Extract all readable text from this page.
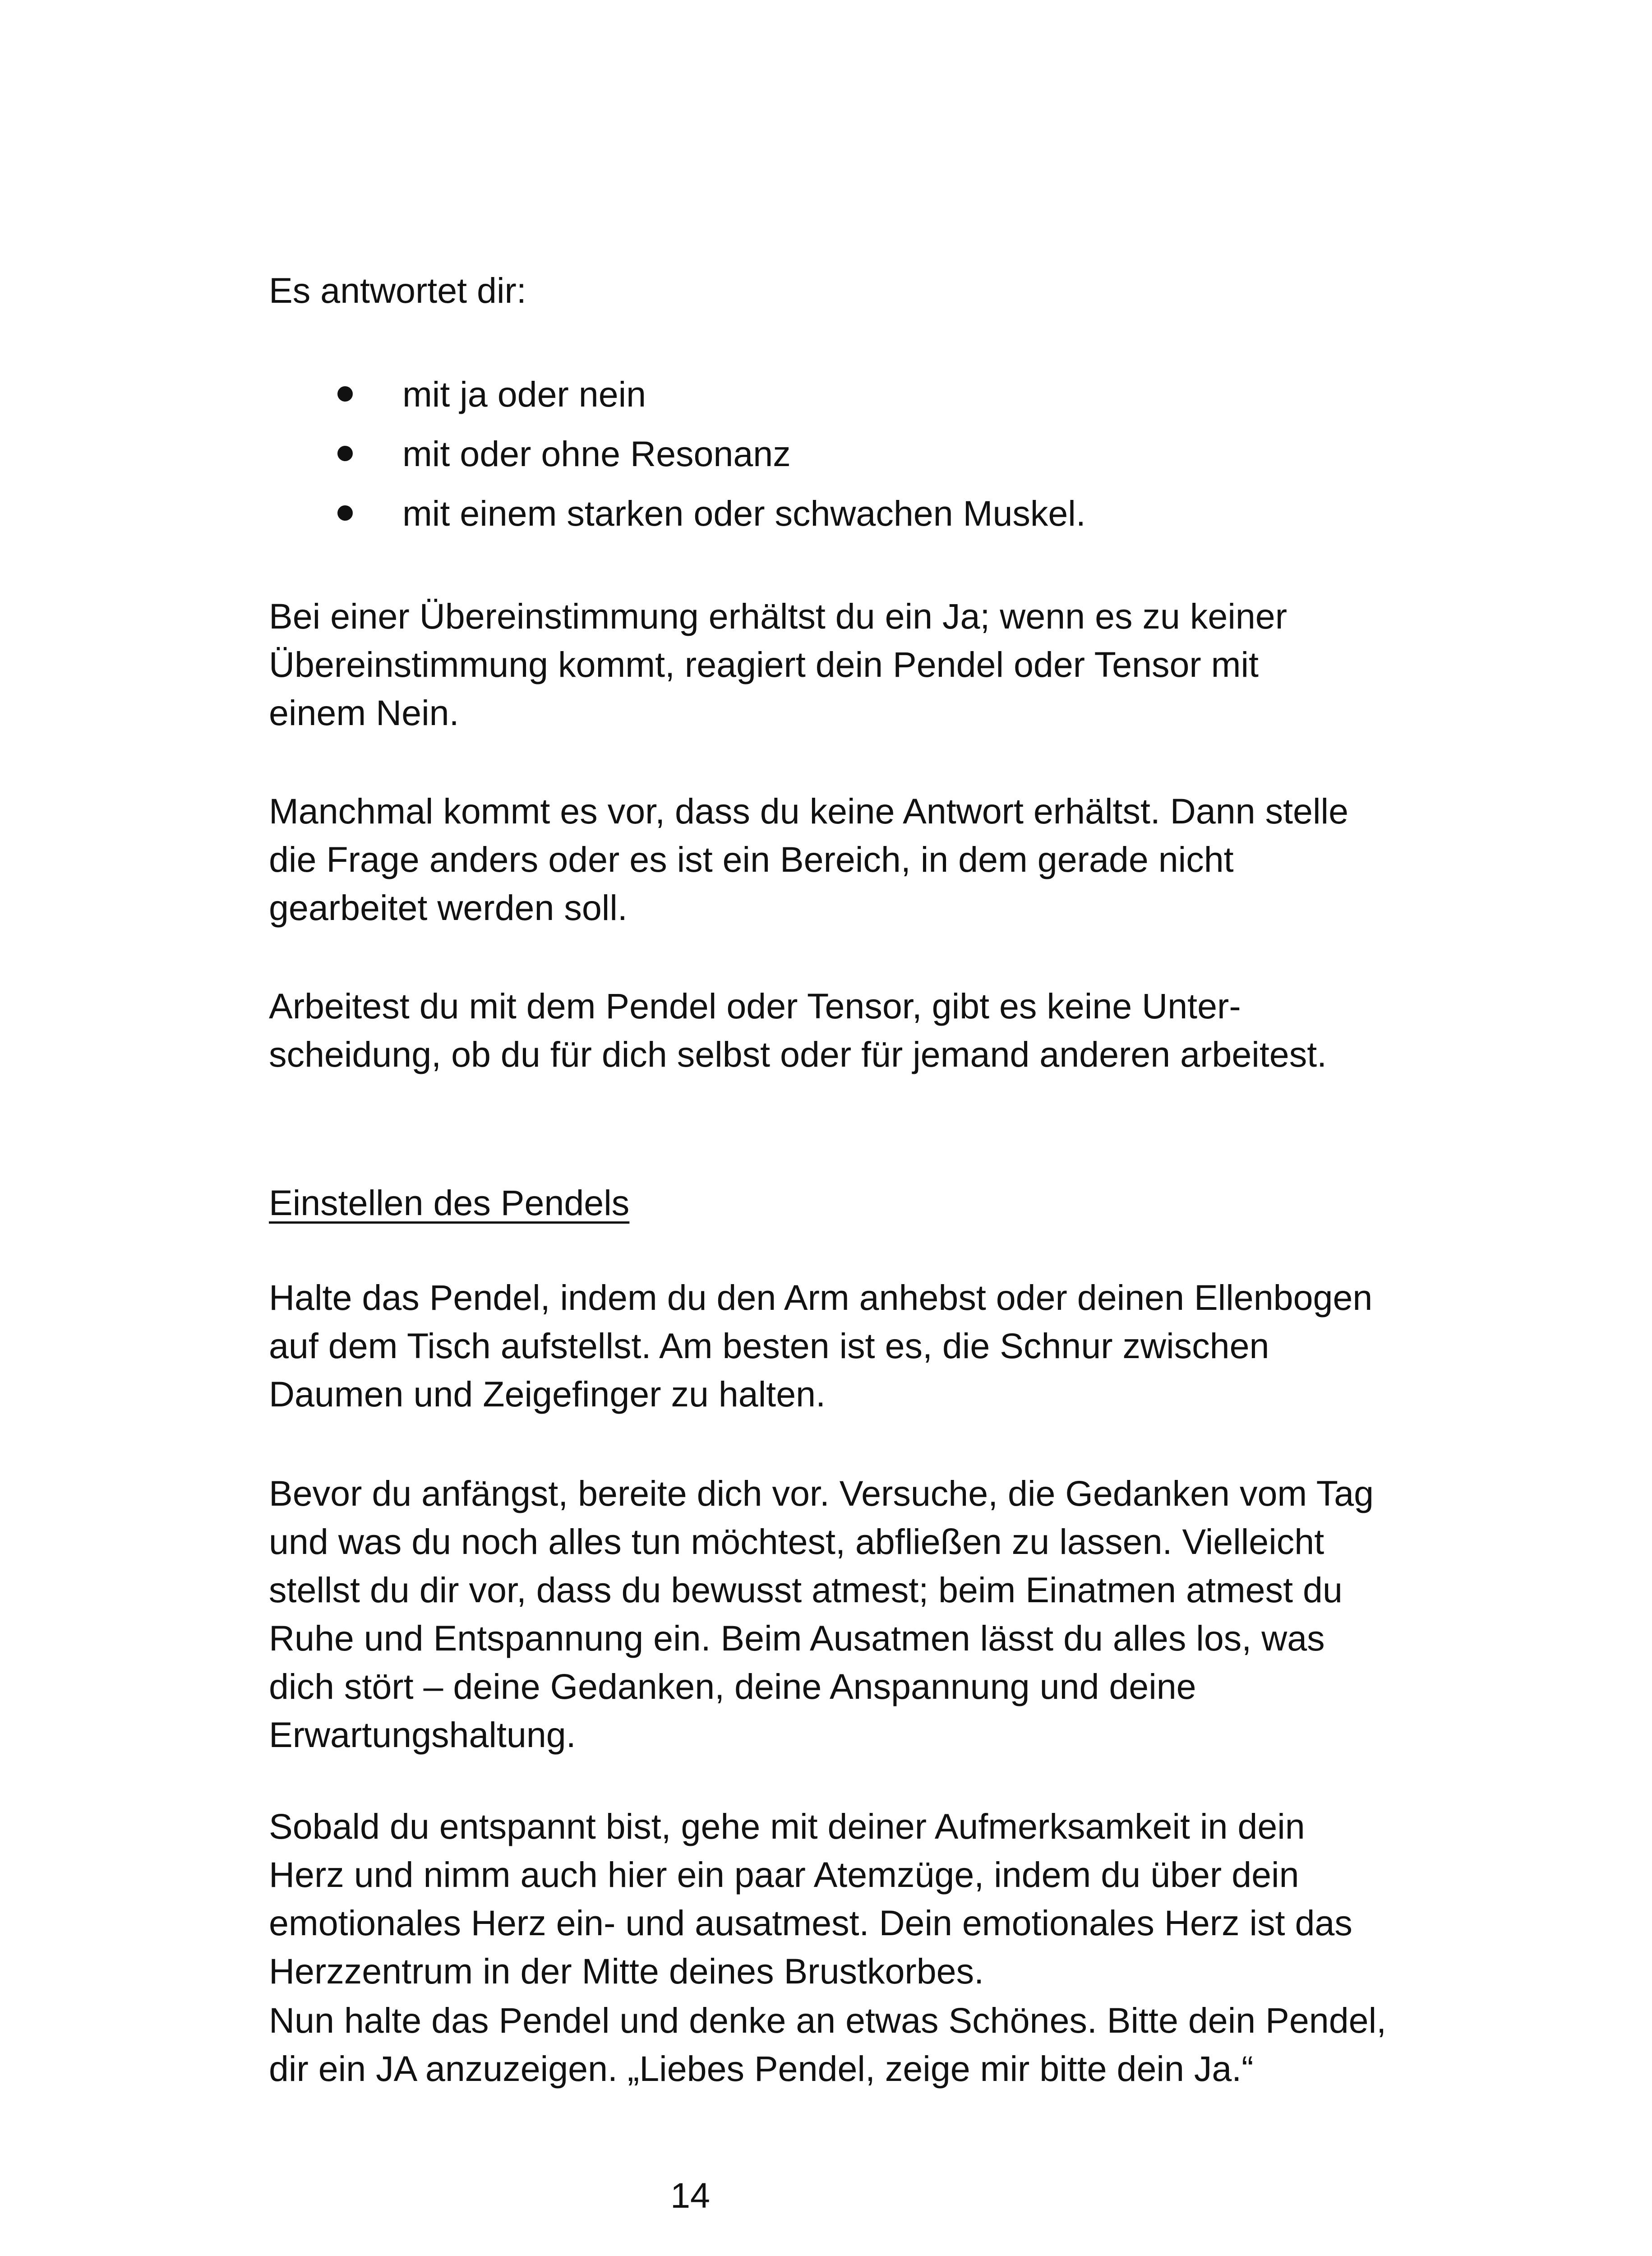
Es antwortet dir:

mit ja oder nein
mit oder ohne Resonanz
mit einem starken oder schwachen Muskel.

Bei einer Übereinstimmung erhältst du ein Ja; wenn es zu keiner
Übereinstimmung kommt, reagiert dein Pendel oder Tensor mit
einem Nein.

Manchmal kommt es vor, dass du keine Antwort erhältst. Dann stelle
die Frage anders oder es ist ein Bereich, in dem gerade nicht
gearbeitet werden soll.

Arbeitest du mit dem Pendel oder Tensor, gibt es keine Unter-
scheidung, ob du für dich selbst oder für jemand anderen arbeitest.

Einstellen des Pendels

Halte das Pendel, indem du den Arm anhebst oder deinen Ellenbogen
auf dem Tisch aufstellst. Am besten ist es, die Schnur zwischen
Daumen und Zeigefinger zu halten.

Bevor du anfängst, bereite dich vor. Versuche, die Gedanken vom Tag
und was du noch alles tun möchtest, abfließen zu lassen. Vielleicht
stellst du dir vor, dass du bewusst atmest; beim Einatmen atmest du
Ruhe und Entspannung ein. Beim Ausatmen lässt du alles los, was
dich stört – deine Gedanken, deine Anspannung und deine
Erwartungshaltung.

Sobald du entspannt bist, gehe mit deiner Aufmerksamkeit in dein
Herz und nimm auch hier ein paar Atemzüge, indem du über dein
emotionales Herz ein- und ausatmest. Dein emotionales Herz ist das
Herzzentrum in der Mitte deines Brustkorbes.

Nun halte das Pendel und denke an etwas Schönes. Bitte dein Pendel,
dir ein JA anzuzeigen. „Liebes Pendel, zeige mir bitte dein Ja.“

14
